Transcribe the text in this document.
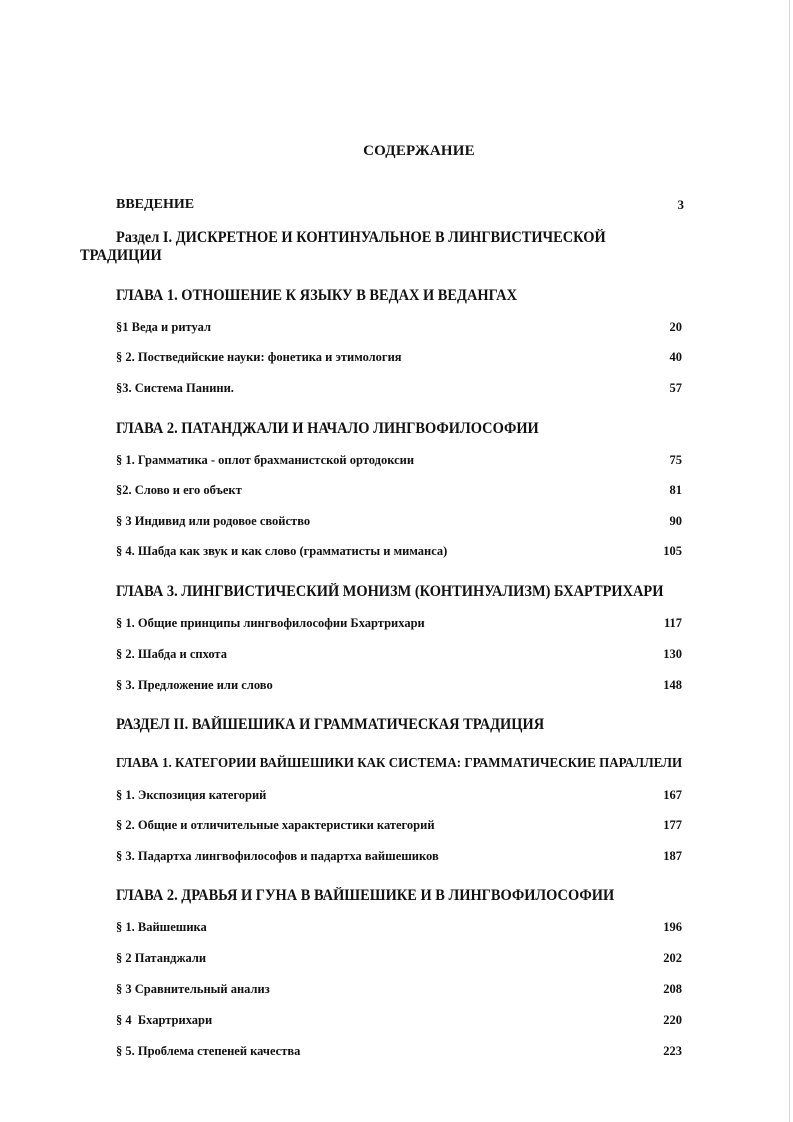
СОДЕРЖАНИЕ
ВВЕДЕНИЕ	3
Раздел I. ДИСКРЕТНОЕ И КОНТИНУАЛЬНОЕ В ЛИНГВИСТИЧЕСКОЙ
ТРАДИЦИИ
ГЛАВА 1. ОТНОШЕНИЕ К ЯЗЫКУ В ВЕДАХ И ВЕДАНГАХ
§1 Веда и ритуал	20
§ 2. Постведийские науки: фонетика и этимология	40
§3. Система Панини.	57
ГЛАВА 2. ПАТАНДЖАЛИ И НАЧАЛО ЛИНГВОФИЛОСОФИИ
§ 1. Грамматика - оплот брахманистской ортодоксии	75
§2. Слово и его объект	81
§ 3 Индивид или родовое свойство	90
§ 4. Шабда как звук и как слово (грамматисты и миманса)	105
ГЛАВА 3. ЛИНГВИСТИЧЕСКИЙ МОНИЗМ (КОНТИНУАЛИЗМ) БХАРТРИХАРИ
§ 1. Общие принципы лингвофилософии Бхартрихари	117
§ 2. Шабда и спхота	130
§ 3. Предложение или слово	148
РАЗДЕЛ II. ВАЙШЕШИКА И ГРАММАТИЧЕСКАЯ ТРАДИЦИЯ
ГЛАВА 1. КАТЕГОРИИ ВАЙШЕШИКИ КАК СИСТЕМА: ГРАММАТИЧЕСКИЕ ПАРАЛЛЕЛИ
§ 1. Экспозиция категорий	167
§ 2. Общие и отличительные характеристики категорий	177
§ 3. Падартха лингвофилософов и падартха вайшешиков	187
ГЛАВА 2. ДРАВЬЯ И ГУНА В ВАЙШЕШИКЕ И В ЛИНГВОФИЛОСОФИИ
§ 1. Вайшешика	196
§ 2 Патанджали	202
§ 3 Сравнительный анализ	208
§ 4  Бхартрихари	220
§ 5. Проблема степеней качества	223
